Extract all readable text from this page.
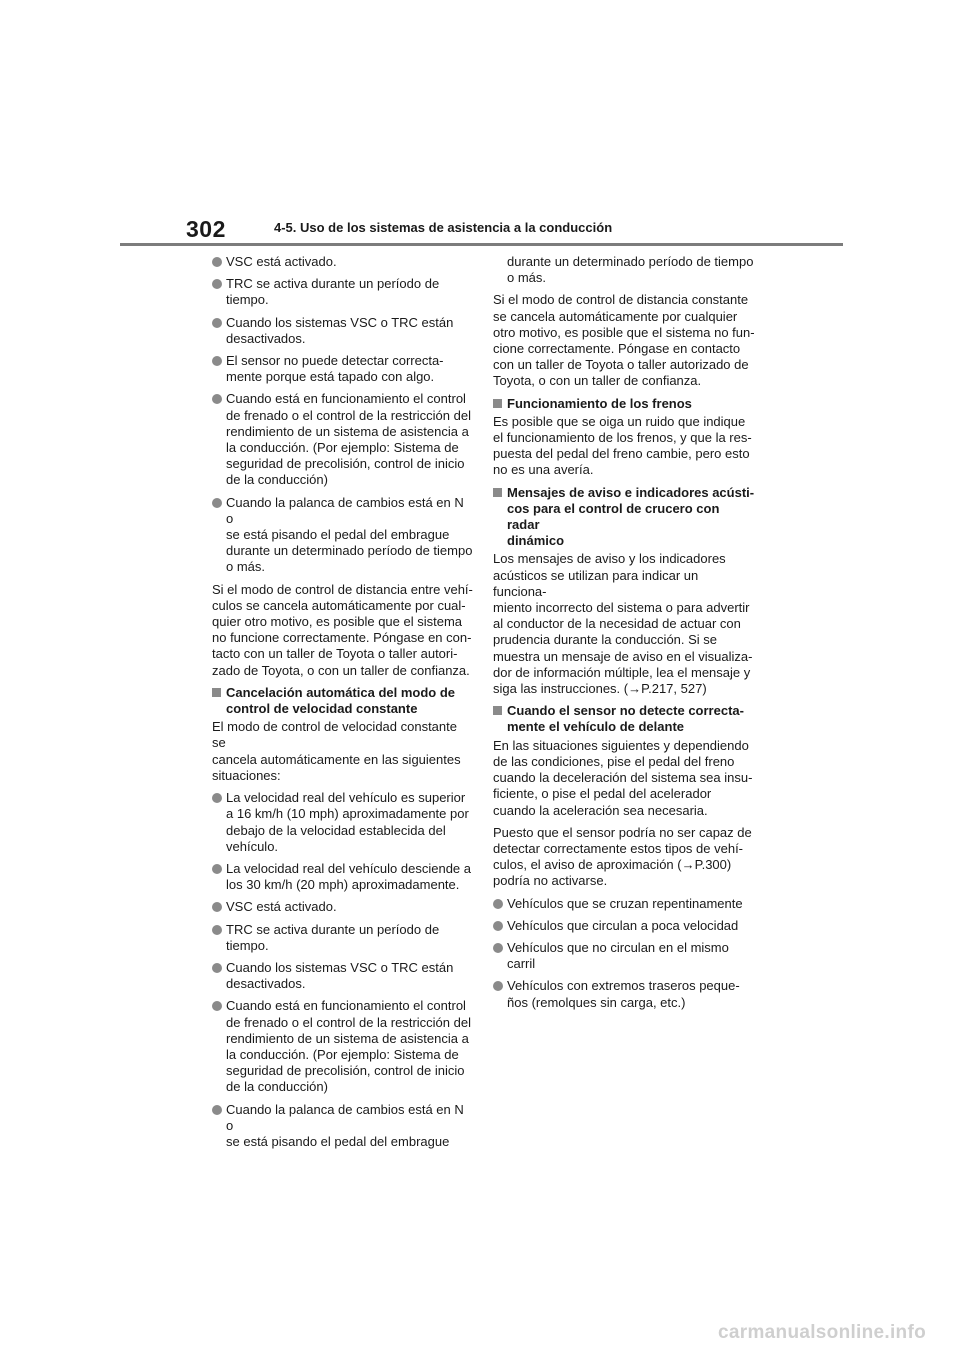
302	4-5. Uso de los sistemas de asistencia a la conducción
VSC está activado.
TRC se activa durante un período de
tiempo.
Cuando los sistemas VSC o TRC están
desactivados.
El sensor no puede detectar correcta-
mente porque está tapado con algo.
Cuando está en funcionamiento el control
de frenado o el control de la restricción del
rendimiento de un sistema de asistencia a
la conducción. (Por ejemplo: Sistema de
seguridad de precolisión, control de inicio
de la conducción)
Cuando la palanca de cambios está en N o
se está pisando el pedal del embrague
durante un determinado período de tiempo
o más.
Si el modo de control de distancia entre vehí-
culos se cancela automáticamente por cual-
quier otro motivo, es posible que el sistema
no funcione correctamente. Póngase en con-
tacto con un taller de Toyota o taller autori-
zado de Toyota, o con un taller de confianza.
Cancelación automática del modo de
control de velocidad constante
El modo de control de velocidad constante se
cancela automáticamente en las siguientes
situaciones:
La velocidad real del vehículo es superior
a 16 km/h (10 mph) aproximadamente por
debajo de la velocidad establecida del
vehículo.
La velocidad real del vehículo desciende a
los 30 km/h (20 mph) aproximadamente.
VSC está activado.
TRC se activa durante un período de
tiempo.
Cuando los sistemas VSC o TRC están
desactivados.
Cuando está en funcionamiento el control
de frenado o el control de la restricción del
rendimiento de un sistema de asistencia a
la conducción. (Por ejemplo: Sistema de
seguridad de precolisión, control de inicio
de la conducción)
Cuando la palanca de cambios está en N o
se está pisando el pedal del embrague
durante un determinado período de tiempo
o más.
Si el modo de control de distancia constante
se cancela automáticamente por cualquier
otro motivo, es posible que el sistema no fun-
cione correctamente. Póngase en contacto
con un taller de Toyota o taller autorizado de
Toyota, o con un taller de confianza.
Funcionamiento de los frenos
Es posible que se oiga un ruido que indique
el funcionamiento de los frenos, y que la res-
puesta del pedal del freno cambie, pero esto
no es una avería.
Mensajes de aviso e indicadores acústi-
cos para el control de crucero con radar
dinámico
Los mensajes de aviso y los indicadores
acústicos se utilizan para indicar un funciona-
miento incorrecto del sistema o para advertir
al conductor de la necesidad de actuar con
prudencia durante la conducción. Si se
muestra un mensaje de aviso en el visualiza-
dor de información múltiple, lea el mensaje y
siga las instrucciones. (→P.217, 527)
Cuando el sensor no detecte correcta-
mente el vehículo de delante
En las situaciones siguientes y dependiendo
de las condiciones, pise el pedal del freno
cuando la deceleración del sistema sea insu-
ficiente, o pise el pedal del acelerador
cuando la aceleración sea necesaria.
Puesto que el sensor podría no ser capaz de
detectar correctamente estos tipos de vehí-
culos, el aviso de aproximación (→P.300)
podría no activarse.
Vehículos que se cruzan repentinamente
Vehículos que circulan a poca velocidad
Vehículos que no circulan en el mismo
carril
Vehículos con extremos traseros peque-
ños (remolques sin carga, etc.)
carmanualsonline.info
